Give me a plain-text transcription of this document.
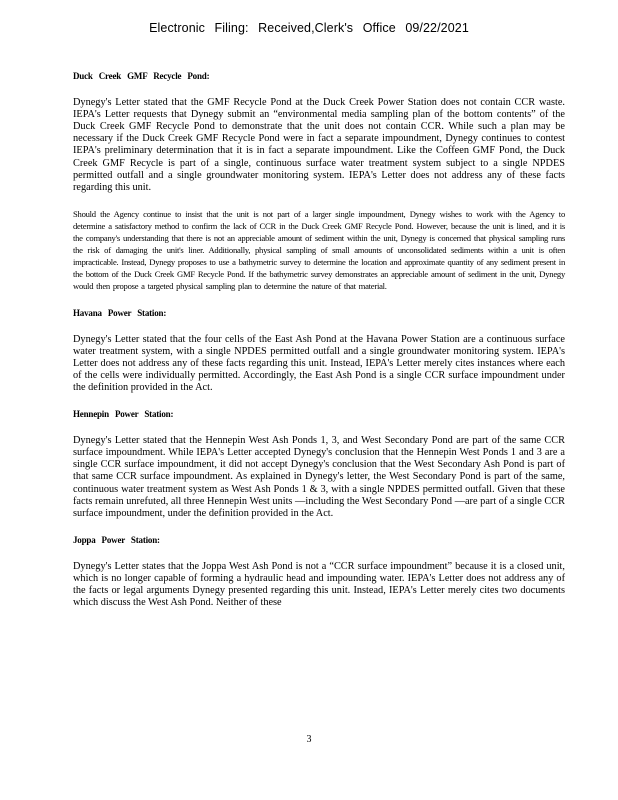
Electronic Filing: Received,Clerk's Office 09/22/2021
Duck Creek GMF Recycle Pond:

Dynegy's Letter stated that the GMF Recycle Pond at the Duck Creek Power Station does not contain CCR waste. IEPA's Letter requests that Dynegy submit an “environmental media sampling plan of the bottom contents” of the Duck Creek GMF Recycle Pond to demonstrate that the unit does not contain CCR. While such a plan may be necessary if the Duck Creek GMF Recycle Pond were in fact a separate impoundment, Dynegy continues to contest IEPA's preliminary determination that it is in fact a separate impoundment. Like the Coffeen GMF Pond, the Duck Creek GMF Recycle is part of a single, continuous surface water treatment system subject to a single NPDES permitted outfall and a single groundwater monitoring system. IEPA's Letter does not address any of these facts regarding this unit.

Should the Agency continue to insist that the unit is not part of a larger single impoundment, Dynegy wishes to work with the Agency to determine a satisfactory method to confirm the lack of CCR in the Duck Creek GMF Recycle Pond. However, because the unit is lined, and it is the company's understanding that there is not an appreciable amount of sediment within the unit, Dynegy is concerned that physical sampling runs the risk of damaging the unit's liner. Additionally, physical sampling of small amounts of unconsolidated sediments within a unit is often impracticable. Instead, Dynegy proposes to use a bathymetric survey to determine the location and approximate quantity of any sediment present in the bottom of the Duck Creek GMF Recycle Pond. If the bathymetric survey demonstrates an appreciable amount of sediment in the unit, Dynegy would then propose a targeted physical sampling plan to determine the nature of that material.

Havana Power Station:

Dynegy's Letter stated that the four cells of the East Ash Pond at the Havana Power Station are a continuous surface water treatment system, with a single NPDES permitted outfall and a single groundwater monitoring system. IEPA's Letter does not address any of these facts regarding this unit. Instead, IEPA's Letter merely cites instances where each of the cells were individually permitted. Accordingly, the East Ash Pond is a single CCR surface impoundment under the definition provided in the Act.

Hennepin Power Station:

Dynegy's Letter stated that the Hennepin West Ash Ponds 1, 3, and West Secondary Pond are part of the same CCR surface impoundment. While IEPA's Letter accepted Dynegy's conclusion that the Hennepin West Ponds 1 and 3 are a single CCR surface impoundment, it did not accept Dynegy's conclusion that the West Secondary Ash Pond is part of that same CCR surface impoundment. As explained in Dynegy's letter, the West Secondary Pond is part of the same, continuous water treatment system as West Ash Ponds 1 & 3, with a single NPDES permitted outfall. Given that these facts remain unrefuted, all three Hennepin West units —including the West Secondary Pond —are part of a single CCR surface impoundment, under the definition provided in the Act.

Joppa Power Station:

Dynegy's Letter states that the Joppa West Ash Pond is not a “CCR surface impoundment” because it is a closed unit, which is no longer capable of forming a hydraulic head and impounding water. IEPA's Letter does not address any of the facts or legal arguments Dynegy presented regarding this unit. Instead, IEPA's Letter merely cites two documents which discuss the West Ash Pond. Neither of these

3
